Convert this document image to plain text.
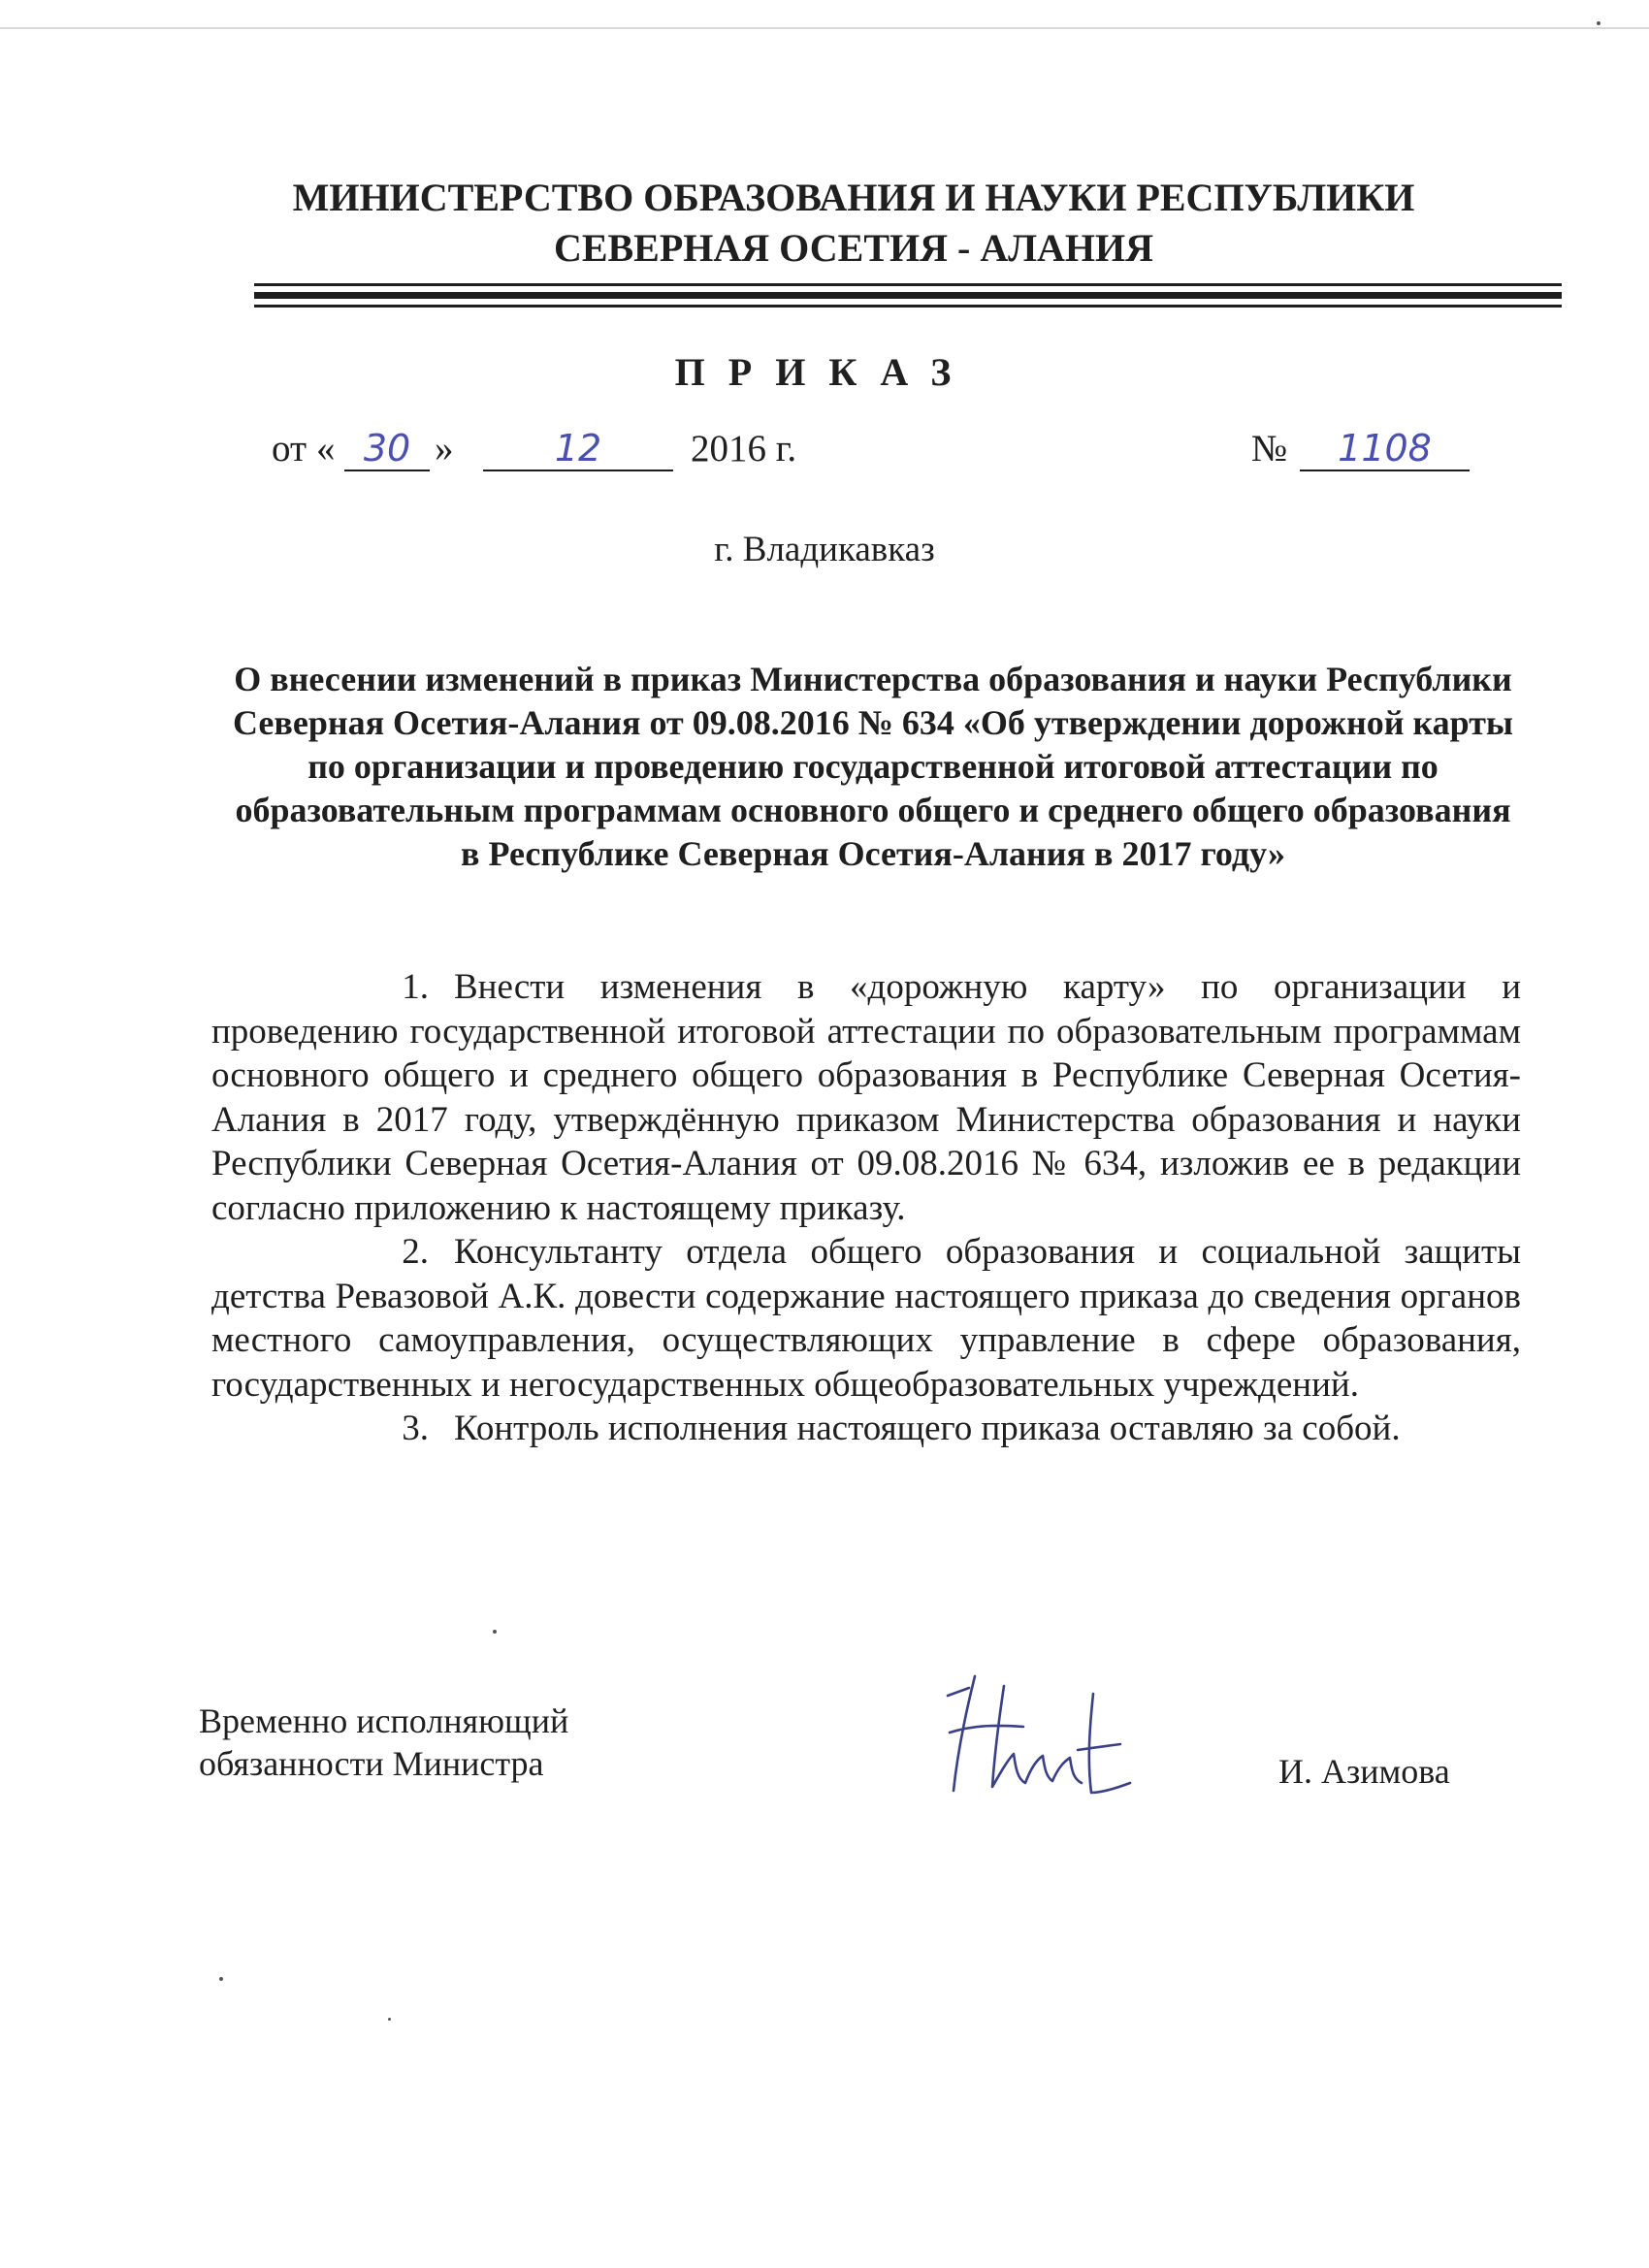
МИНИСТЕРСТВО ОБРАЗОВАНИЯ И НАУКИ РЕСПУБЛИКИ
СЕВЕРНАЯ ОСЕТИЯ - АЛАНИЯ
ПРИКАЗ
от « 30 »	12	2016 г.	№	1108
г. Владикавказ
О внесении изменений в приказ Министерства образования и науки Республики Северная Осетия-Алания от 09.08.2016 № 634 «Об утверждении дорожной карты по организации и проведению государственной итоговой аттестации по образовательным программам основного общего и среднего общего образования в Республике Северная Осетия-Алания в 2017 году»

1. Внести изменения в «дорожную карту» по организации и проведению государственной итоговой аттестации по образовательным программам основного общего и среднего общего образования в Республике Северная Осетия-Алания в 2017 году, утверждённую приказом Министерства образования и науки Республики Северная Осетия-Алания от 09.08.2016 № 634, изложив ее в редакции согласно приложению к настоящему приказу.

2. Консультанту отдела общего образования и социальной защиты детства Ревазовой А.К. довести содержание настоящего приказа до сведения органов местного самоуправления, осуществляющих управление в сфере образования, государственных и негосударственных общеобразовательных учреждений.

3. Контроль исполнения настоящего приказа оставляю за собой.

Временно исполняющий
обязанности Министра	И. Азимова
